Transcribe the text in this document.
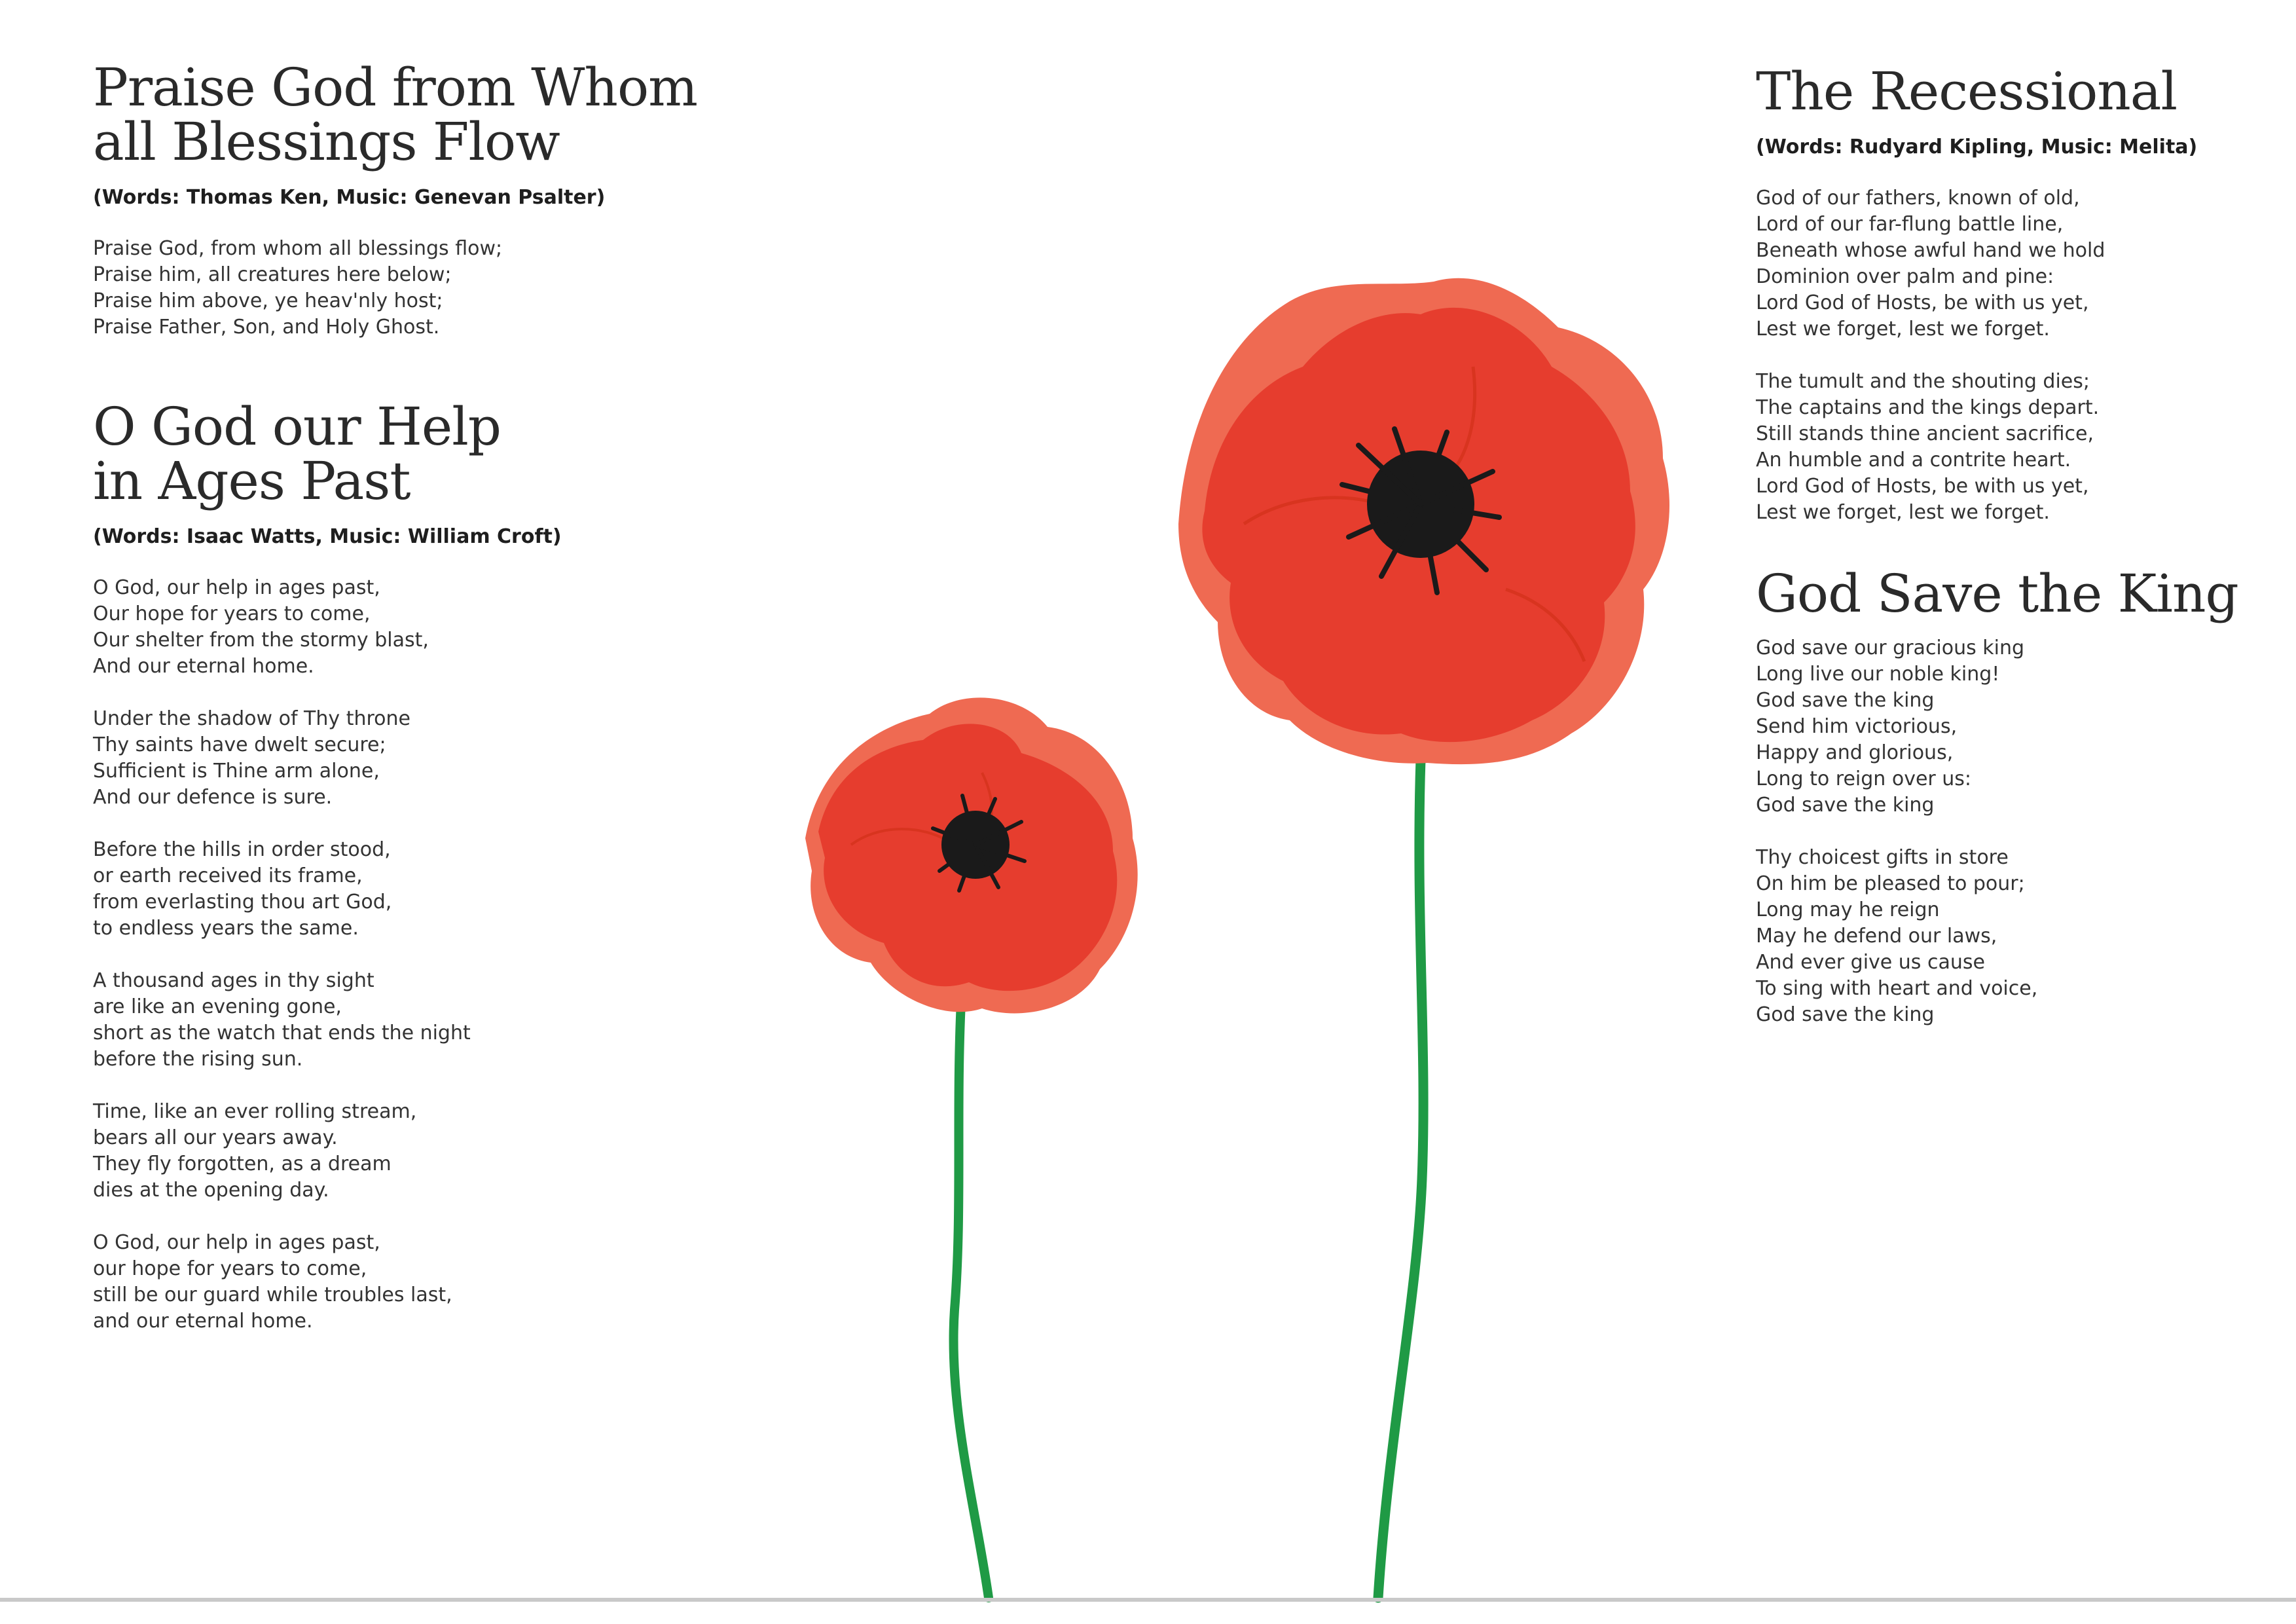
Praise God from Whom
all Blessings Flow
(Words: Thomas Ken, Music: Genevan Psalter)
Praise God, from whom all blessings flow;
Praise him, all creatures here below;
Praise him above, ye heav'nly host;
Praise Father, Son, and Holy Ghost.
O God our Help
in Ages Past
(Words: Isaac Watts, Music: William Croft)
O God, our help in ages past,
Our hope for years to come,
Our shelter from the stormy blast,
And our eternal home.
Under the shadow of Thy throne
Thy saints have dwelt secure;
Sufficient is Thine arm alone,
And our defence is sure.
Before the hills in order stood,
or earth received its frame,
from everlasting thou art God,
to endless years the same.
A thousand ages in thy sight
are like an evening gone,
short as the watch that ends the night
before the rising sun.
Time, like an ever rolling stream,
bears all our years away.
They fly forgotten, as a dream
dies at the opening day.
O God, our help in ages past,
our hope for years to come,
still be our guard while troubles last,
and our eternal home.
The Recessional
(Words: Rudyard Kipling, Music: Melita)
God of our fathers, known of old,
Lord of our far-flung battle line,
Beneath whose awful hand we hold
Dominion over palm and pine:
Lord God of Hosts, be with us yet,
Lest we forget, lest we forget.
The tumult and the shouting dies;
The captains and the kings depart.
Still stands thine ancient sacrifice,
An humble and a contrite heart.
Lord God of Hosts, be with us yet,
Lest we forget, lest we forget.
God Save the King
God save our gracious king
Long live our noble king!
God save the king
Send him victorious,
Happy and glorious,
Long to reign over us:
God save the king
Thy choicest gifts in store
On him be pleased to pour;
Long may he reign
May he defend our laws,
And ever give us cause
To sing with heart and voice,
God save the king
